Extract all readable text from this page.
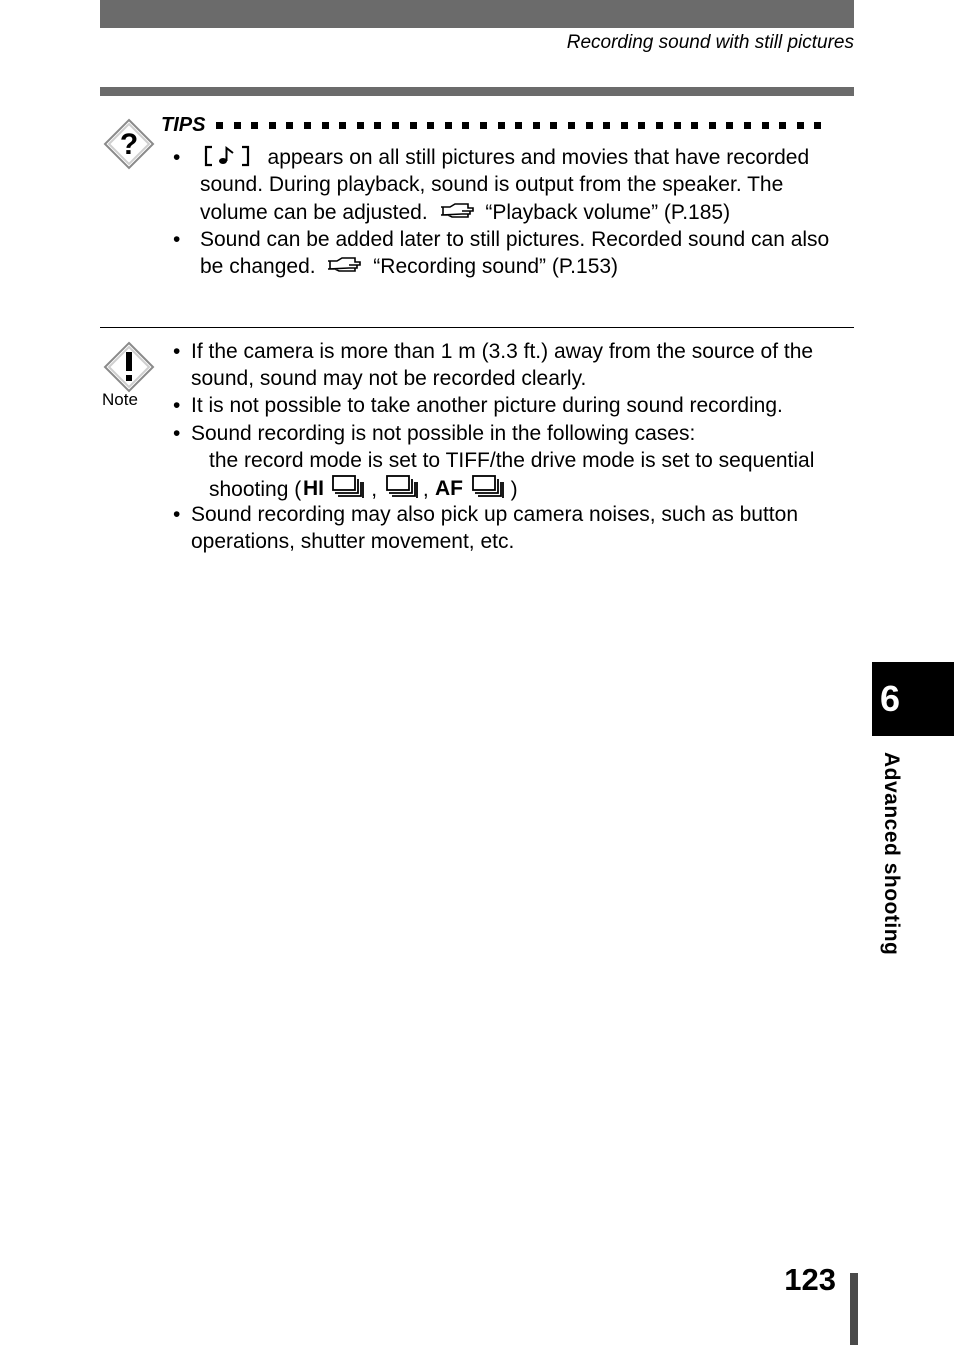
Recording sound with still pictures
?
TIPS
•	appears on all still pictures and movies that have recorded
sound. During playback, sound is output from the speaker. The
volume can be adjusted.	“Playback volume” (P.185)
• Sound can be added later to still pictures. Recorded sound can also
be changed.	“Recording sound” (P.153)
Note
• If the camera is more than 1 m (3.3 ft.) away from the source of the
sound, sound may not be recorded clearly.
• It is not possible to take another picture during sound recording.
• Sound recording is not possible in the following cases:
the record mode is set to TIFF/the drive mode is set to sequential
shooting ( HI , , AF )
• Sound recording may also pick up camera noises, such as button
operations, shutter movement, etc.
6
Advanced shooting
123
